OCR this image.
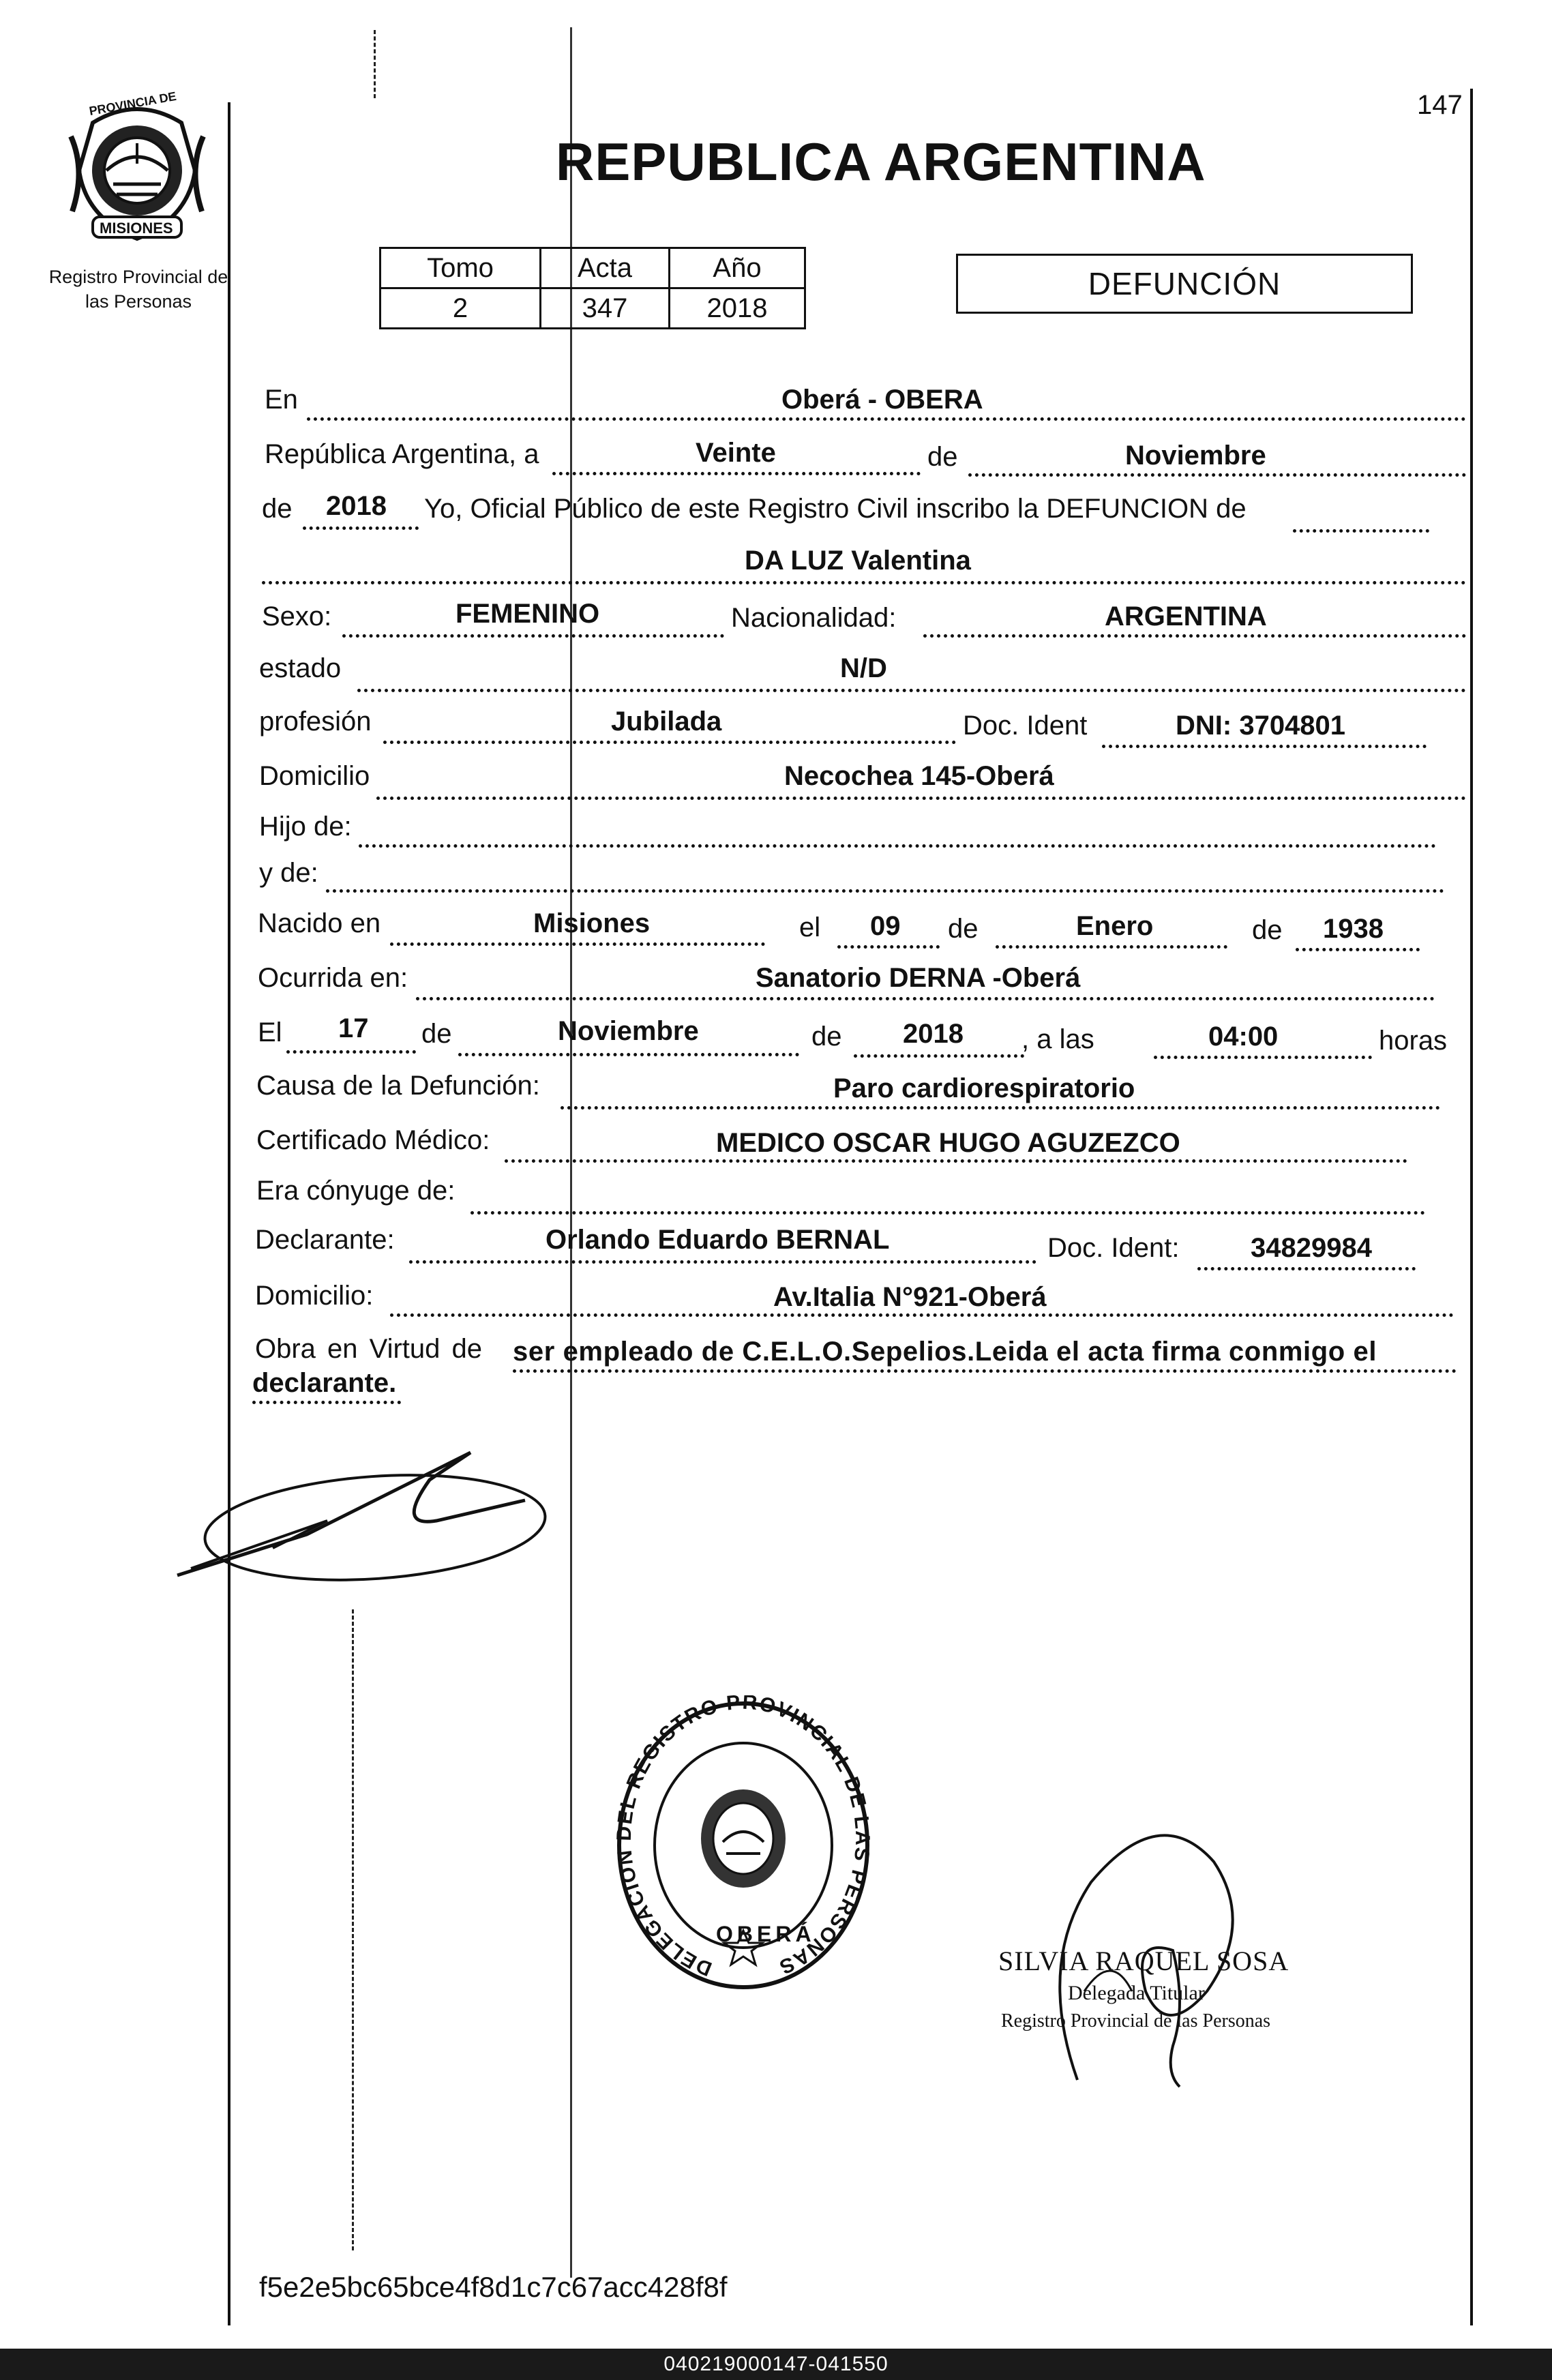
PROVINCIA DE
MISIONES
Registro Provincial de
las Personas
147
REPUBLICA ARGENTINA
Tomo	Acta	Año
2	347	2018
DEFUNCIÓN
En	Oberá - OBERA
República Argentina, a	Veinte	de	Noviembre
de 2018 Yo, Oficial Público de este Registro Civil inscribo la DEFUNCION de
DA LUZ Valentina
Sexo:	FEMENINO	Nacionalidad:	ARGENTINA
estado	N/D
profesión	Jubilada	Doc. Ident	DNI: 3704801
Domicilio	Necochea 145-Oberá
Hijo de:
y de:
Nacido en	Misiones	el 09 de	Enero	de 1938
Ocurrida en:	Sanatorio DERNA -Oberá
El 17 de	Noviembre	de 2018 , a las	04:00	horas
Causa de la Defunción:	Paro cardiorespiratorio
Certificado Médico:	MEDICO OSCAR HUGO AGUZEZCO
Era cónyuge de:
Declarante:	Orlando Eduardo BERNAL	Doc. Ident:	34829984
Domicilio:	Av.Italia N°921-Oberá
Obra en Virtud de ser empleado de C.E.L.O.Sepelios.Leida el acta firma conmigo el
declarante.
DELEGACION DEL REGISTRO PROVINCIAL DE LAS PERSONAS
OBERÁ
SILVIA RAQUEL SOSA
Delegada Titular
Registro Provincial de las Personas
f5e2e5bc65bce4f8d1c7c67acc428f8f
040219000147-041550
